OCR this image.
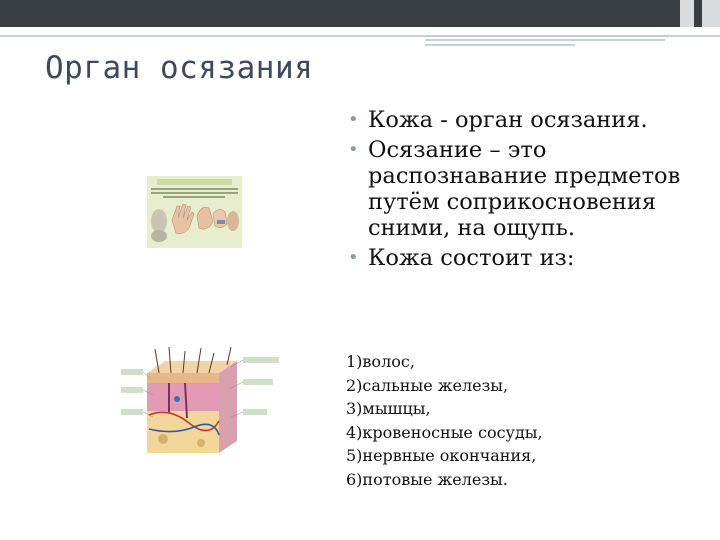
Орган осязания
• Кожа - орган осязания.
• Осязание – это распознавание предметов путём соприкосновения сними, на ощупь.
• Кожа состоит из:
1)волос,
2)сальные железы,
3)мышцы,
4)кровеносные сосуды,
5)нервные окончания,
6)потовые железы.
